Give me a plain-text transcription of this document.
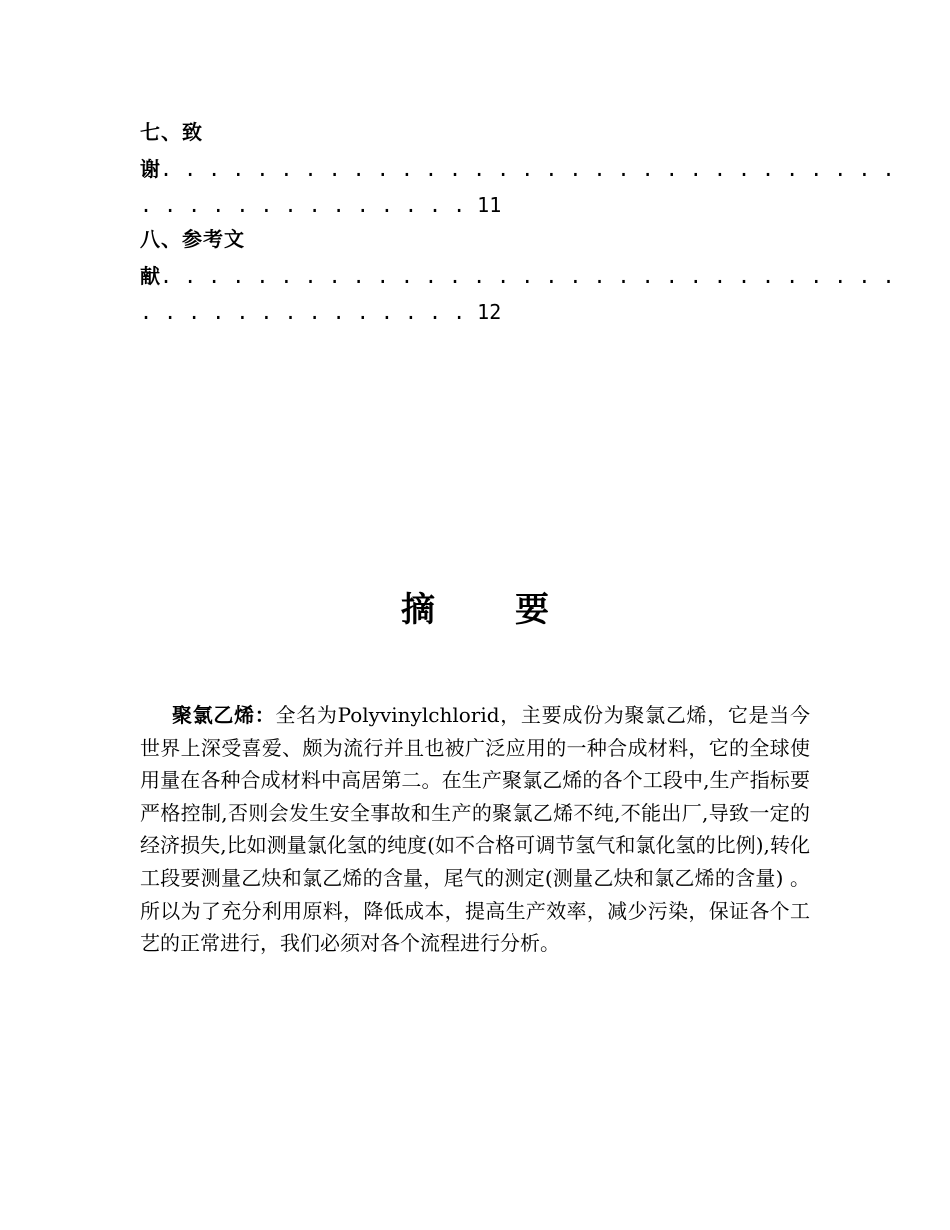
七、致
谢. . . . . . . . . . . . . . . . . . . . . . . . . . . . . . .
. . . . . . . . . . . . . . 11
八、参考文
献. . . . . . . . . . . . . . . . . . . . . . . . . . . . . . .
. . . . . . . . . . . . . . 12
摘 要
聚氯乙烯：全名为Polyvinylchlorid，主要成份为聚氯乙烯，它是当今世界上深受喜爱、颇为流行并且也被广泛应用的一种合成材料，它的全球使用量在各种合成材料中高居第二。在生产聚氯乙烯的各个工段中,生产指标要严格控制,否则会发生安全事故和生产的聚氯乙烯不纯,不能出厂,导致一定的经济损失,比如测量氯化氢的纯度(如不合格可调节氢气和氯化氢的比例),转化工段要测量乙炔和氯乙烯的含量，尾气的测定(测量乙炔和氯乙烯的含量) 。所以为了充分利用原料，降低成本，提高生产效率，减少污染，保证各个工艺的正常进行，我们必须对各个流程进行分析。
